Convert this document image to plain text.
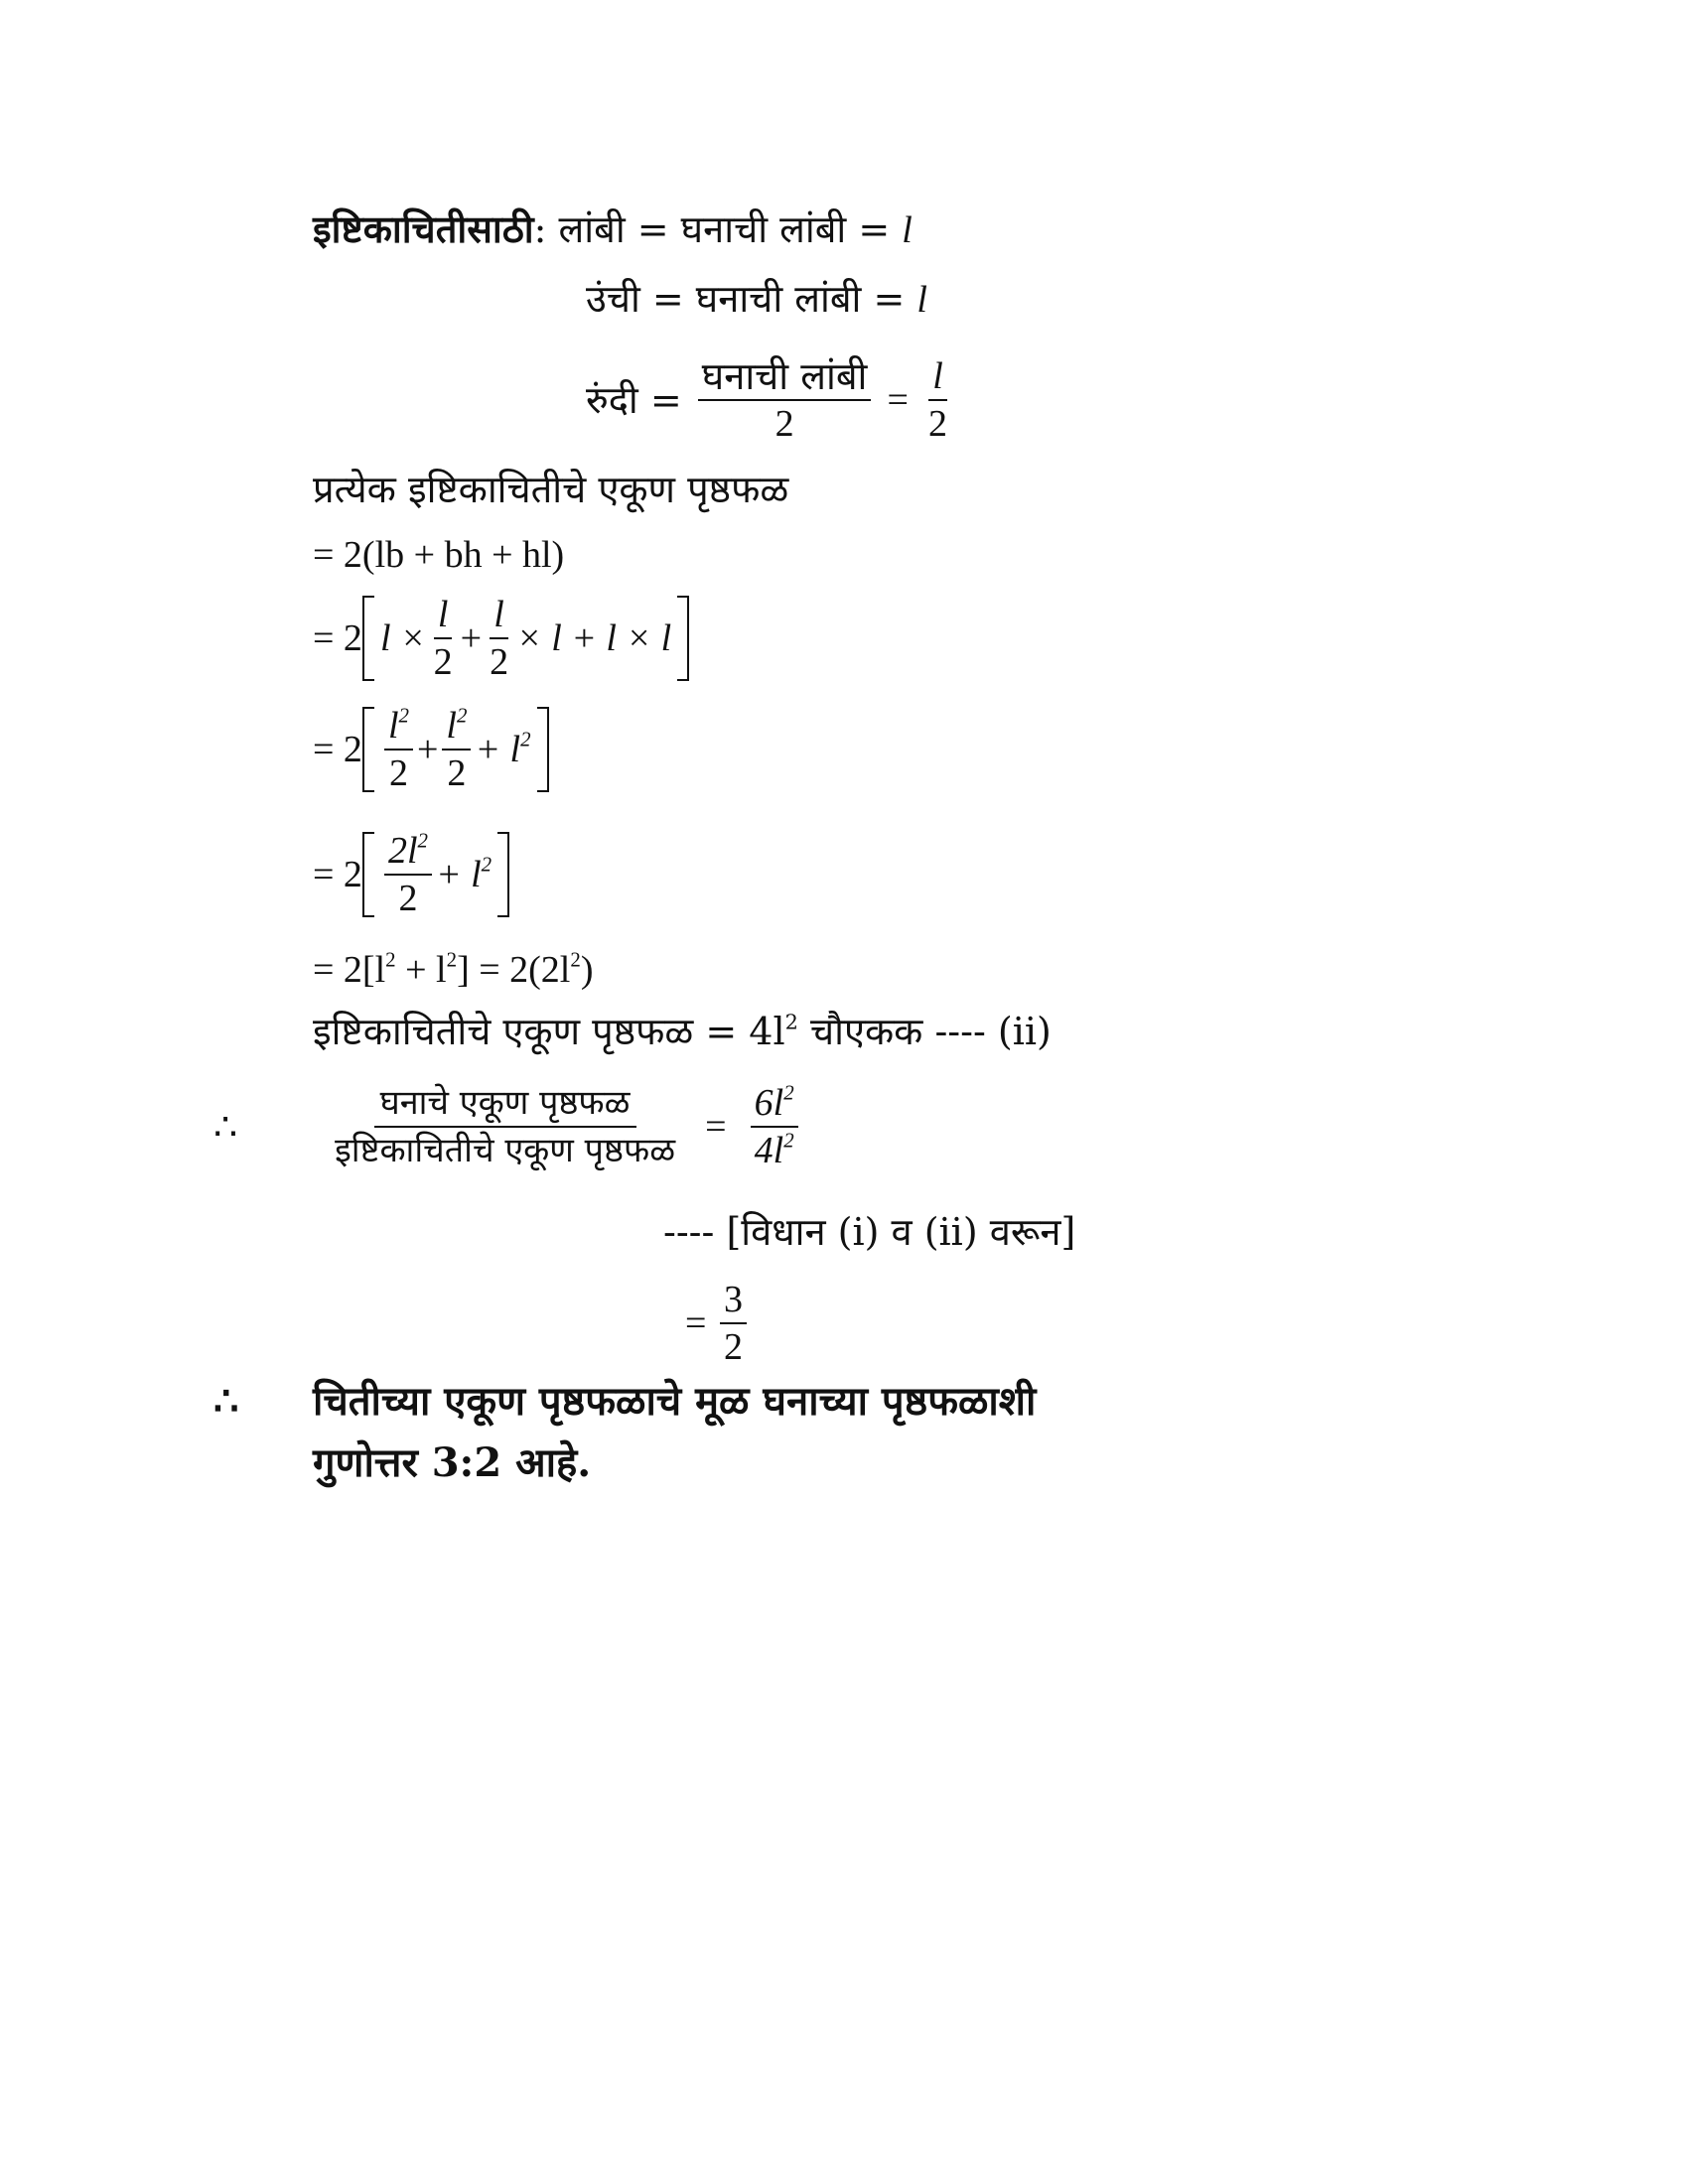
इष्टिकाचितीसाठी: लांबी = घनाची लांबी = l
उंची = घनाची लांबी = l
रुंदी = $\frac{\text{घनाची लांबी}}{2} = \frac{l}{2}$
प्रत्येक इष्टिकाचितीचे एकूण पृष्ठफळ
= 2(lb + bh + hl)
= 2 $l \times \frac{l}{2} + \frac{l}{2} \times l + l \times l$
= $2 \frac{l^2}{2} + \frac{l^2}{2} + l^2$
= $2 \frac{2l^2}{2} + l^2$
= $2[l^2 + l^2] = 2(2l^2)$
इष्टिकाचितीचे एकूण पृष्ठफळ = $4l^2$ चौएकक ---- (ii)
∴	$\frac{\text{घनाचे एकूण पृष्ठफळ}}{\text{इष्टिकाचितीचे एकूण पृष्ठफळ}} = \frac{6l^2}{4l^2}$
---- [विधान (i) व (ii) वरून]
= $\frac{3}{2}$
∴ चितीच्या एकूण पृष्ठफळाचे मूळ घनाच्या पृष्ठफळाशी
गुणोत्तर 3:2 आहे.
